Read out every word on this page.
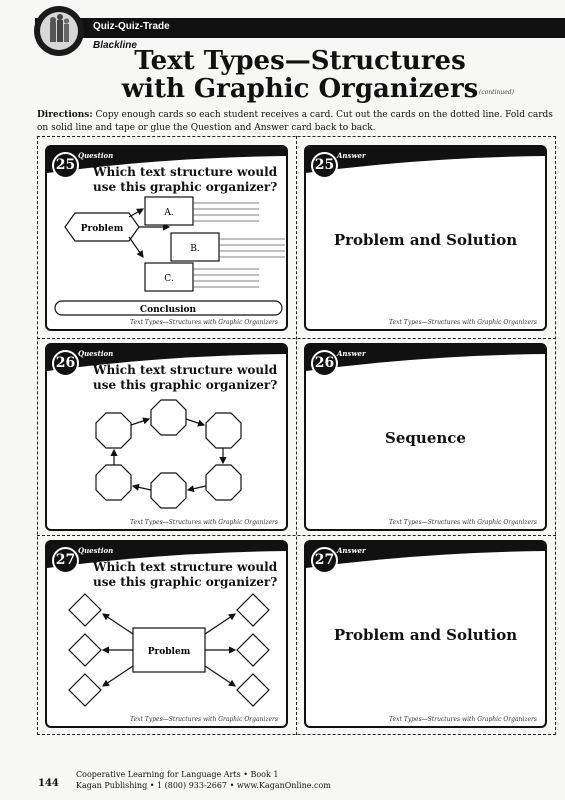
Quiz-Quiz-Trade
Blackline
Text Types—Structures
with Graphic Organizers (continued)
Directions: Copy enough cards so each student receives a card. Cut out the cards on the dotted line. Fold cards on solid line and tape or glue the Question and Answer card back to back.
25
Question
Which text structure would
use this graphic organizer?
Problem
A.
B.
C.
Conclusion
Text Types—Structures with Graphic Organizers
25
Answer
Problem and Solution
Text Types—Structures with Graphic Organizers
26
Question
Which text structure would
use this graphic organizer?
Text Types—Structures with Graphic Organizers
26
Answer
Sequence
Text Types—Structures with Graphic Organizers
27
Question
Which text structure would
use this graphic organizer?
Problem
Text Types—Structures with Graphic Organizers
27
Answer
Problem and Solution
Text Types—Structures with Graphic Organizers
144
Cooperative Learning for Language Arts • Book 1
Kagan Publishing • 1 (800) 933-2667 • www.KaganOnline.com
